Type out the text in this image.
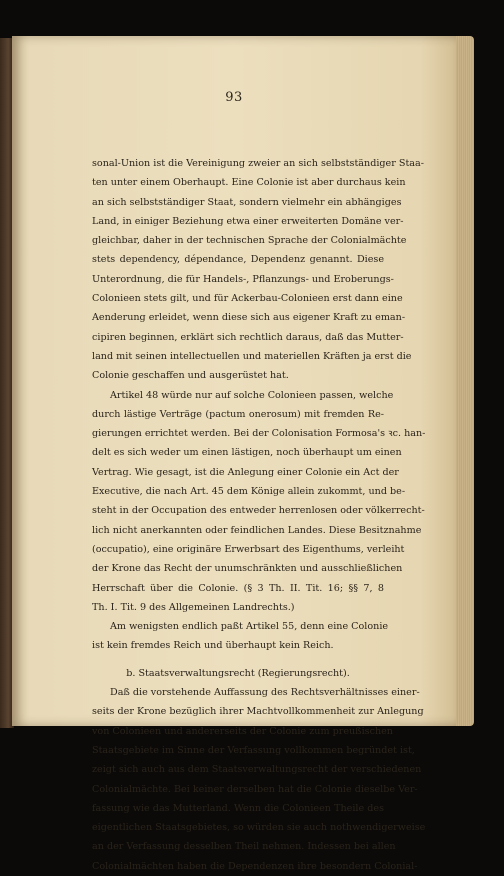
93
sonal-Union ist die Vereinigung zweier an sich selbstständiger Staa-
ten unter einem Oberhaupt. Eine Colonie ist aber durchaus kein
an sich selbstständiger Staat, sondern vielmehr ein abhängiges
Land, in einiger Beziehung etwa einer erweiterten Domäne ver-
gleichbar, daher in der technischen Sprache der Colonialmächte
stets dependency, dépendance, Dependenz genannt. Diese
Unterordnung, die für Handels-, Pflanzungs- und Eroberungs-
Colonieen stets gilt, und für Ackerbau-Colonieen erst dann eine
Aenderung erleidet, wenn diese sich aus eigener Kraft zu eman-
cipiren beginnen, erklärt sich rechtlich daraus, daß das Mutter-
land mit seinen intellectuellen und materiellen Kräften ja erst die
Colonie geschaffen und ausgerüstet hat.
Artikel 48 würde nur auf solche Colonieen passen, welche
durch lästige Verträge (pactum onerosum) mit fremden Re-
gierungen errichtet werden. Bei der Colonisation Formosa's ꝛc. han-
delt es sich weder um einen lästigen, noch überhaupt um einen
Vertrag. Wie gesagt, ist die Anlegung einer Colonie ein Act der
Executive, die nach Art. 45 dem Könige allein zukommt, und be-
steht in der Occupation des entweder herrenlosen oder völkerrecht-
lich nicht anerkannten oder feindlichen Landes. Diese Besitznahme
(occupatio), eine originäre Erwerbsart des Eigenthums, verleiht
der Krone das Recht der unumschränkten und ausschließlichen
Herrschaft über die Colonie. (§ 3 Th. II. Tit. 16; §§ 7, 8
Th. I. Tit. 9 des Allgemeinen Landrechts.)
Am wenigsten endlich paßt Artikel 55, denn eine Colonie
ist kein fremdes Reich und überhaupt kein Reich.
b. Staatsverwaltungsrecht (Regierungsrecht).
Daß die vorstehende Auffassung des Rechtsverhältnisses einer-
seits der Krone bezüglich ihrer Machtvollkommenheit zur Anlegung
von Colonieen und andererseits der Colonie zum preußischen
Staatsgebiete im Sinne der Verfassung vollkommen begründet ist,
zeigt sich auch aus dem Staatsverwaltungsrecht der verschiedenen
Colonialmächte. Bei keiner derselben hat die Colonie dieselbe Ver-
fassung wie das Mutterland. Wenn die Colonieen Theile des
eigentlichen Staatsgebietes, so würden sie auch nothwendigerweise
an der Verfassung desselben Theil nehmen. Indessen bei allen
Colonialmächten haben die Dependenzen ihre besondern Colonial-
